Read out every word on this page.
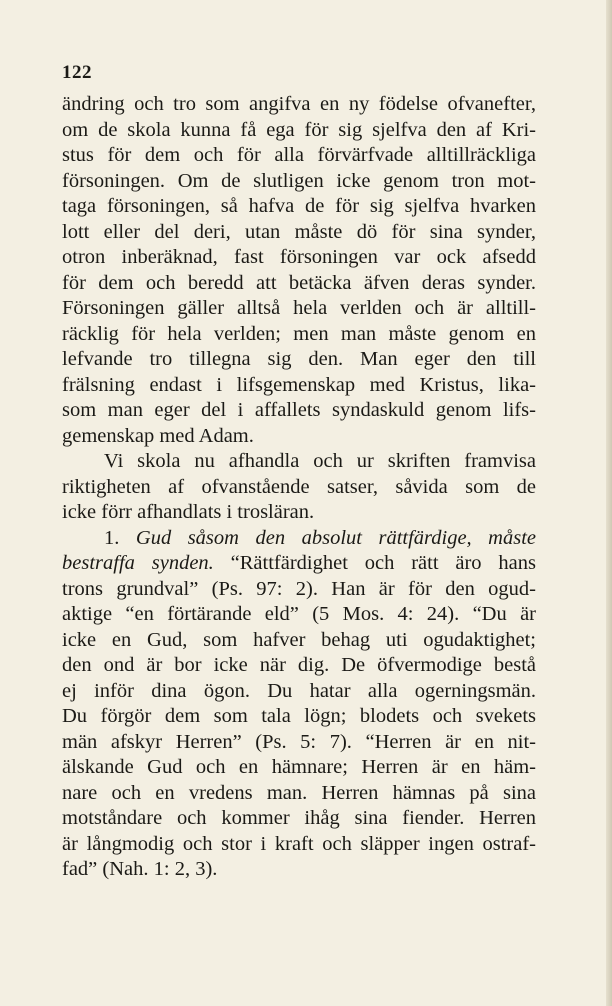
122
ändring och tro som angifva en ny födelse ofvanefter,
om de skola kunna få ega för sig sjelfva den af Kri-
stus för dem och för alla förvärfvade alltillräckliga
försoningen. Om de slutligen icke genom tron mot-
taga försoningen, så hafva de för sig sjelfva hvarken
lott eller del deri, utan måste dö för sina synder,
otron inberäknad, fast försoningen var ock afsedd
för dem och beredd att betäcka äfven deras synder.
Försoningen gäller alltså hela verlden och är alltill-
räcklig för hela verlden; men man måste genom en
lefvande tro tillegna sig den. Man eger den till
frälsning endast i lifsgemenskap med Kristus, lika-
som man eger del i affallets syndaskuld genom lifs-
gemenskap med Adam.
Vi skola nu afhandla och ur skriften framvisa
riktigheten af ofvanstående satser, såvida som de
icke förr afhandlats i trosläran.
1. Gud såsom den absolut rättfärdige, måste
bestraffa synden. “Rättfärdighet och rätt äro hans
trons grundval” (Ps. 97: 2). Han är för den ogud-
aktige “en förtärande eld” (5 Mos. 4: 24). “Du är
icke en Gud, som hafver behag uti ogudaktighet;
den ond är bor icke när dig. De öfvermodige bestå
ej inför dina ögon. Du hatar alla ogerningsmän.
Du förgör dem som tala lögn; blodets och svekets
män afskyr Herren” (Ps. 5: 7). “Herren är en nit-
älskande Gud och en hämnare; Herren är en häm-
nare och en vredens man. Herren hämnas på sina
motståndare och kommer ihåg sina fiender. Herren
är långmodig och stor i kraft och släpper ingen ostraf-
fad” (Nah. 1: 2, 3).
